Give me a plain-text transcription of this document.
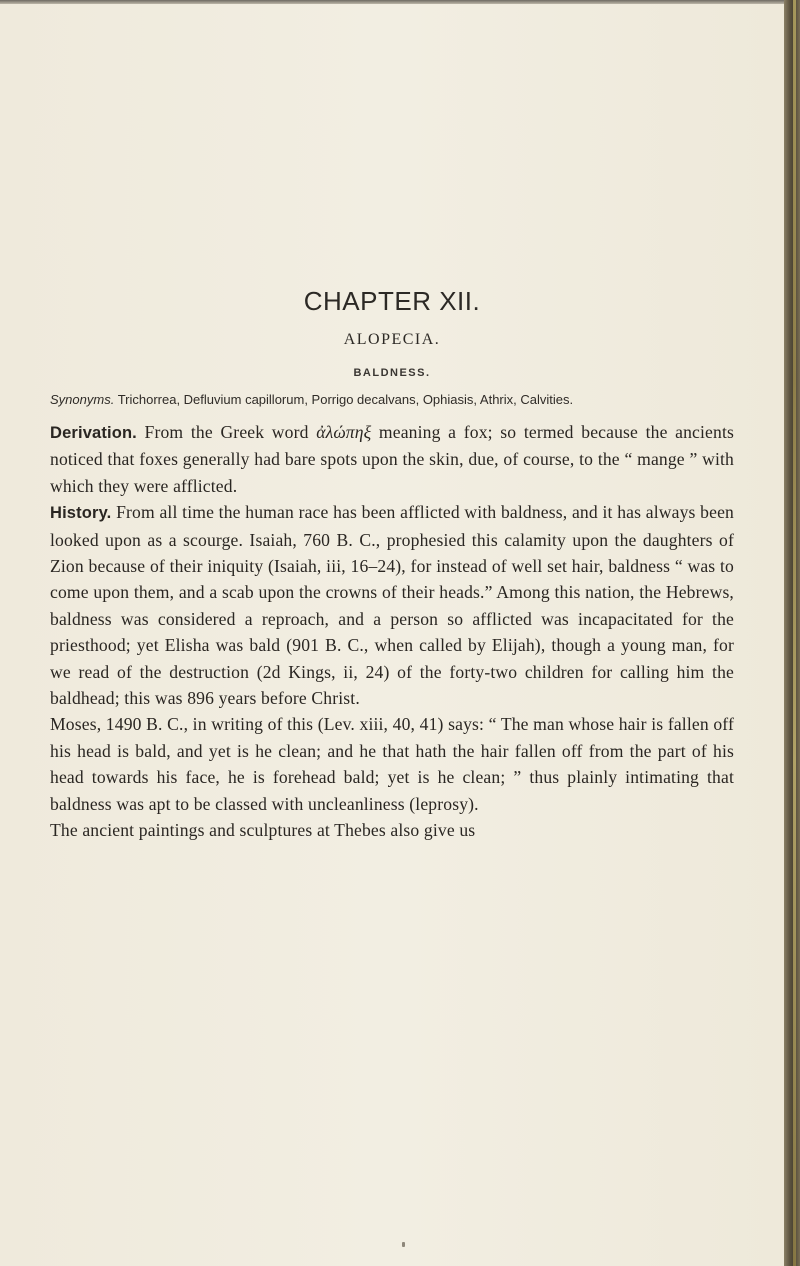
CHAPTER XII.
ALOPECIA.
BALDNESS.

Synonyms. Trichorrea, Defluvium capillorum, Porrigo decalvans, Ophiasis, Athrix, Calvities.

Derivation. From the Greek word ἀλώπηξ meaning a fox; so termed because the ancients noticed that foxes generally had bare spots upon the skin, due, of course, to the “ mange ” with which they were afflicted.

History. From all time the human race has been afflicted with baldness, and it has always been looked upon as a scourge. Isaiah, 760 B. C., prophesied this calamity upon the daughters of Zion because of their iniquity (Isaiah, iii, 16–24), for instead of well set hair, baldness “ was to come upon them, and a scab upon the crowns of their heads.” Among this nation, the Hebrews, baldness was considered a reproach, and a person so afflicted was incapacitated for the priesthood; yet Elisha was bald (901 B. C., when called by Elijah), though a young man, for we read of the destruction (2d Kings, ii, 24) of the forty-two children for calling him the baldhead; this was 896 years before Christ.

Moses, 1490 B. C., in writing of this (Lev. xiii, 40, 41) says: “ The man whose hair is fallen off his head is bald, and yet is he clean; and he that hath the hair fallen off from the part of his head towards his face, he is forehead bald; yet is he clean; ” thus plainly intimating that baldness was apt to be classed with uncleanliness (leprosy).

The ancient paintings and sculptures at Thebes also give us
